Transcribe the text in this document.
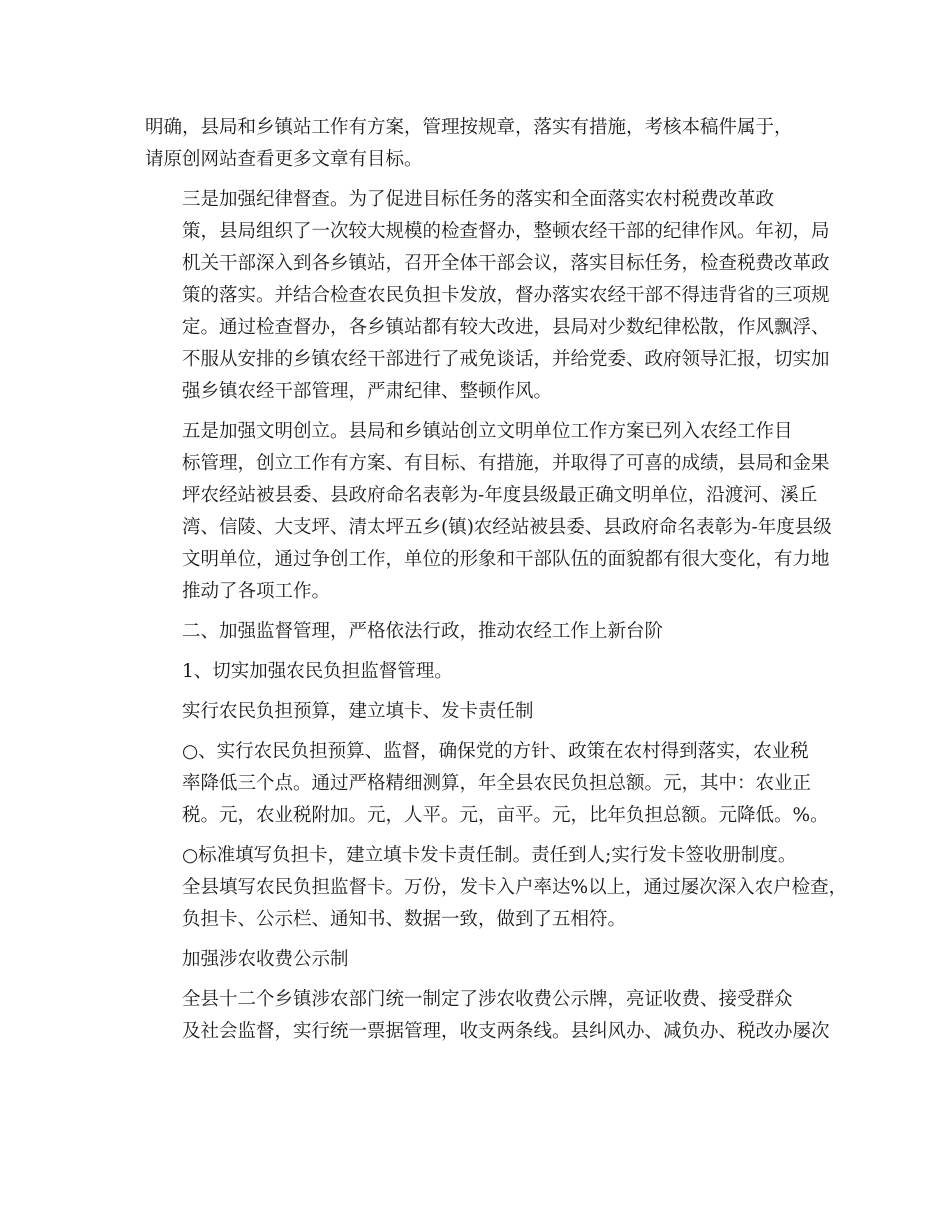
明确，县局和乡镇站工作有方案，管理按规章，落实有措施，考核本稿件属于，
请原创网站查看更多文章有目标。

三是加强纪律督查。为了促进目标任务的落实和全面落实农村税费改革政
策，县局组织了一次较大规模的检查督办，整顿农经干部的纪律作风。年初，局
机关干部深入到各乡镇站，召开全体干部会议，落实目标任务，检查税费改革政
策的落实。并结合检查农民负担卡发放，督办落实农经干部不得违背省的三项规
定。通过检查督办，各乡镇站都有较大改进，县局对少数纪律松散，作风飘浮、
不服从安排的乡镇农经干部进行了戒免谈话，并给党委、政府领导汇报，切实加
强乡镇农经干部管理，严肃纪律、整顿作风。

五是加强文明创立。县局和乡镇站创立文明单位工作方案已列入农经工作目
标管理，创立工作有方案、有目标、有措施，并取得了可喜的成绩，县局和金果
坪农经站被县委、县政府命名表彰为-年度县级最正确文明单位，沿渡河、溪丘
湾、信陵、大支坪、清太坪五乡(镇)农经站被县委、县政府命名表彰为-年度县级
文明单位，通过争创工作，单位的形象和干部队伍的面貌都有很大变化，有力地
推动了各项工作。

二、加强监督管理，严格依法行政，推动农经工作上新台阶

1、切实加强农民负担监督管理。

实行农民负担预算，建立填卡、发卡责任制

○、实行农民负担预算、监督，确保党的方针、政策在农村得到落实，农业税
率降低三个点。通过严格精细测算，年全县农民负担总额。元，其中：农业正
税。元，农业税附加。元，人平。元，亩平。元，比年负担总额。元降低。%。

○标准填写负担卡，建立填卡发卡责任制。责任到人;实行发卡签收册制度。
全县填写农民负担监督卡。万份，发卡入户率达%以上，通过屡次深入农户检查，
负担卡、公示栏、通知书、数据一致，做到了五相符。

加强涉农收费公示制

全县十二个乡镇涉农部门统一制定了涉农收费公示牌，亮证收费、接受群众
及社会监督，实行统一票据管理，收支两条线。县纠风办、减负办、税改办屡次
